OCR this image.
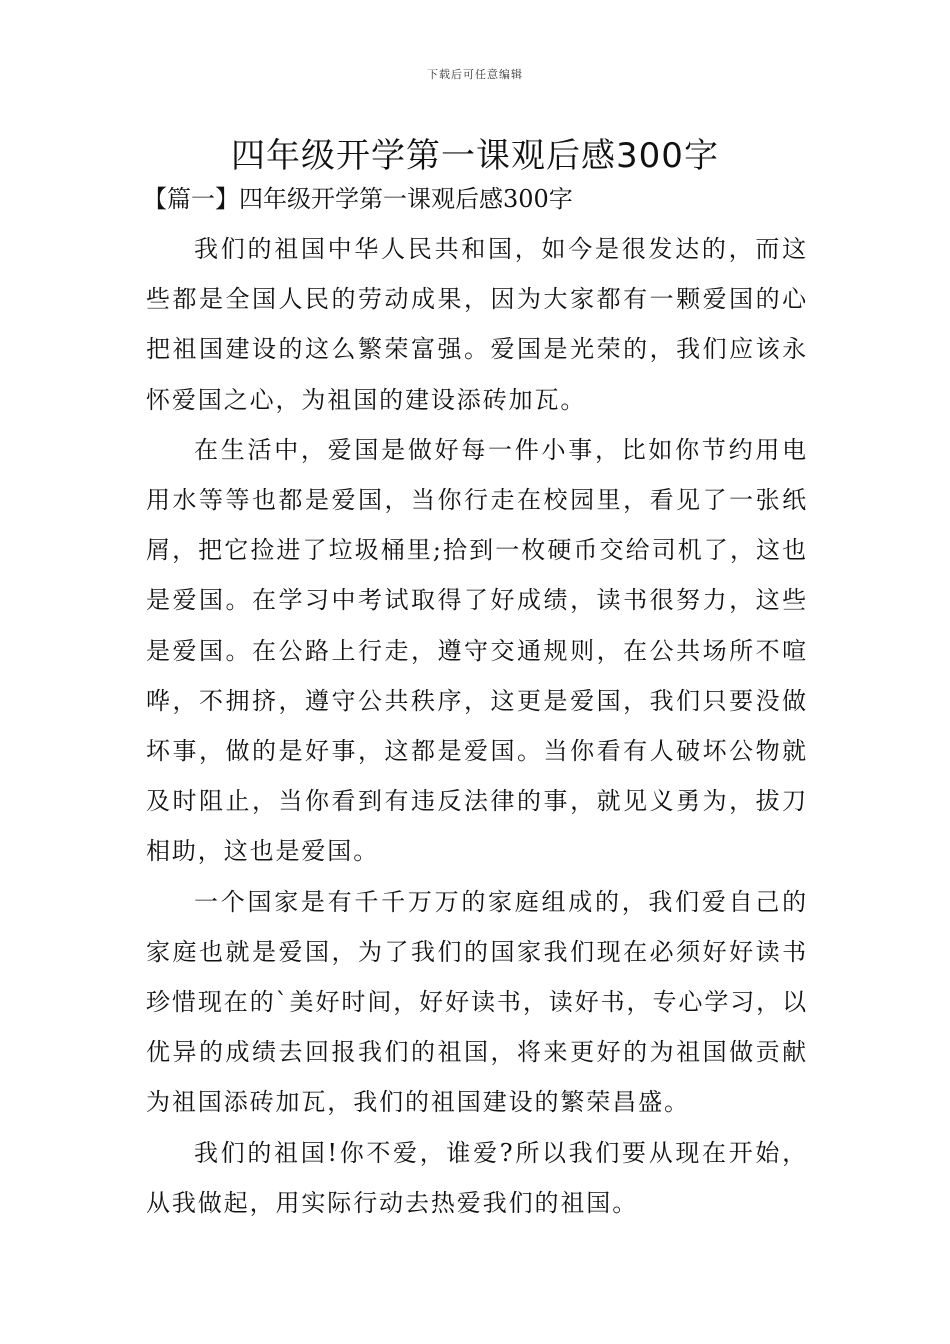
下载后可任意编辑
四年级开学第一课观后感300字
【篇一】四年级开学第一课观后感300字

我们的祖国中华人民共和国，如今是很发达的，而这些都是全国人民的劳动成果，因为大家都有一颗爱国的心把祖国建设的这么繁荣富强。爱国是光荣的，我们应该永怀爱国之心，为祖国的建设添砖加瓦。

在生活中，爱国是做好每一件小事，比如你节约用电用水等等也都是爱国，当你行走在校园里，看见了一张纸屑，把它捡进了垃圾桶里;拾到一枚硬币交给司机了，这也是爱国。在学习中考试取得了好成绩，读书很努力，这些是爱国。在公路上行走，遵守交通规则，在公共场所不喧哗，不拥挤，遵守公共秩序，这更是爱国，我们只要没做坏事，做的是好事，这都是爱国。当你看有人破坏公物就及时阻止，当你看到有违反法律的事，就见义勇为，拔刀相助，这也是爱国。

一个国家是有千千万万的家庭组成的，我们爱自己的家庭也就是爱国，为了我们的国家我们现在必须好好读书珍惜现在的`美好时间，好好读书，读好书，专心学习，以优异的成绩去回报我们的祖国，将来更好的为祖国做贡献为祖国添砖加瓦，我们的祖国建设的繁荣昌盛。

我们的祖国!你不爱，谁爱?所以我们要从现在开始，从我做起，用实际行动去热爱我们的祖国。
